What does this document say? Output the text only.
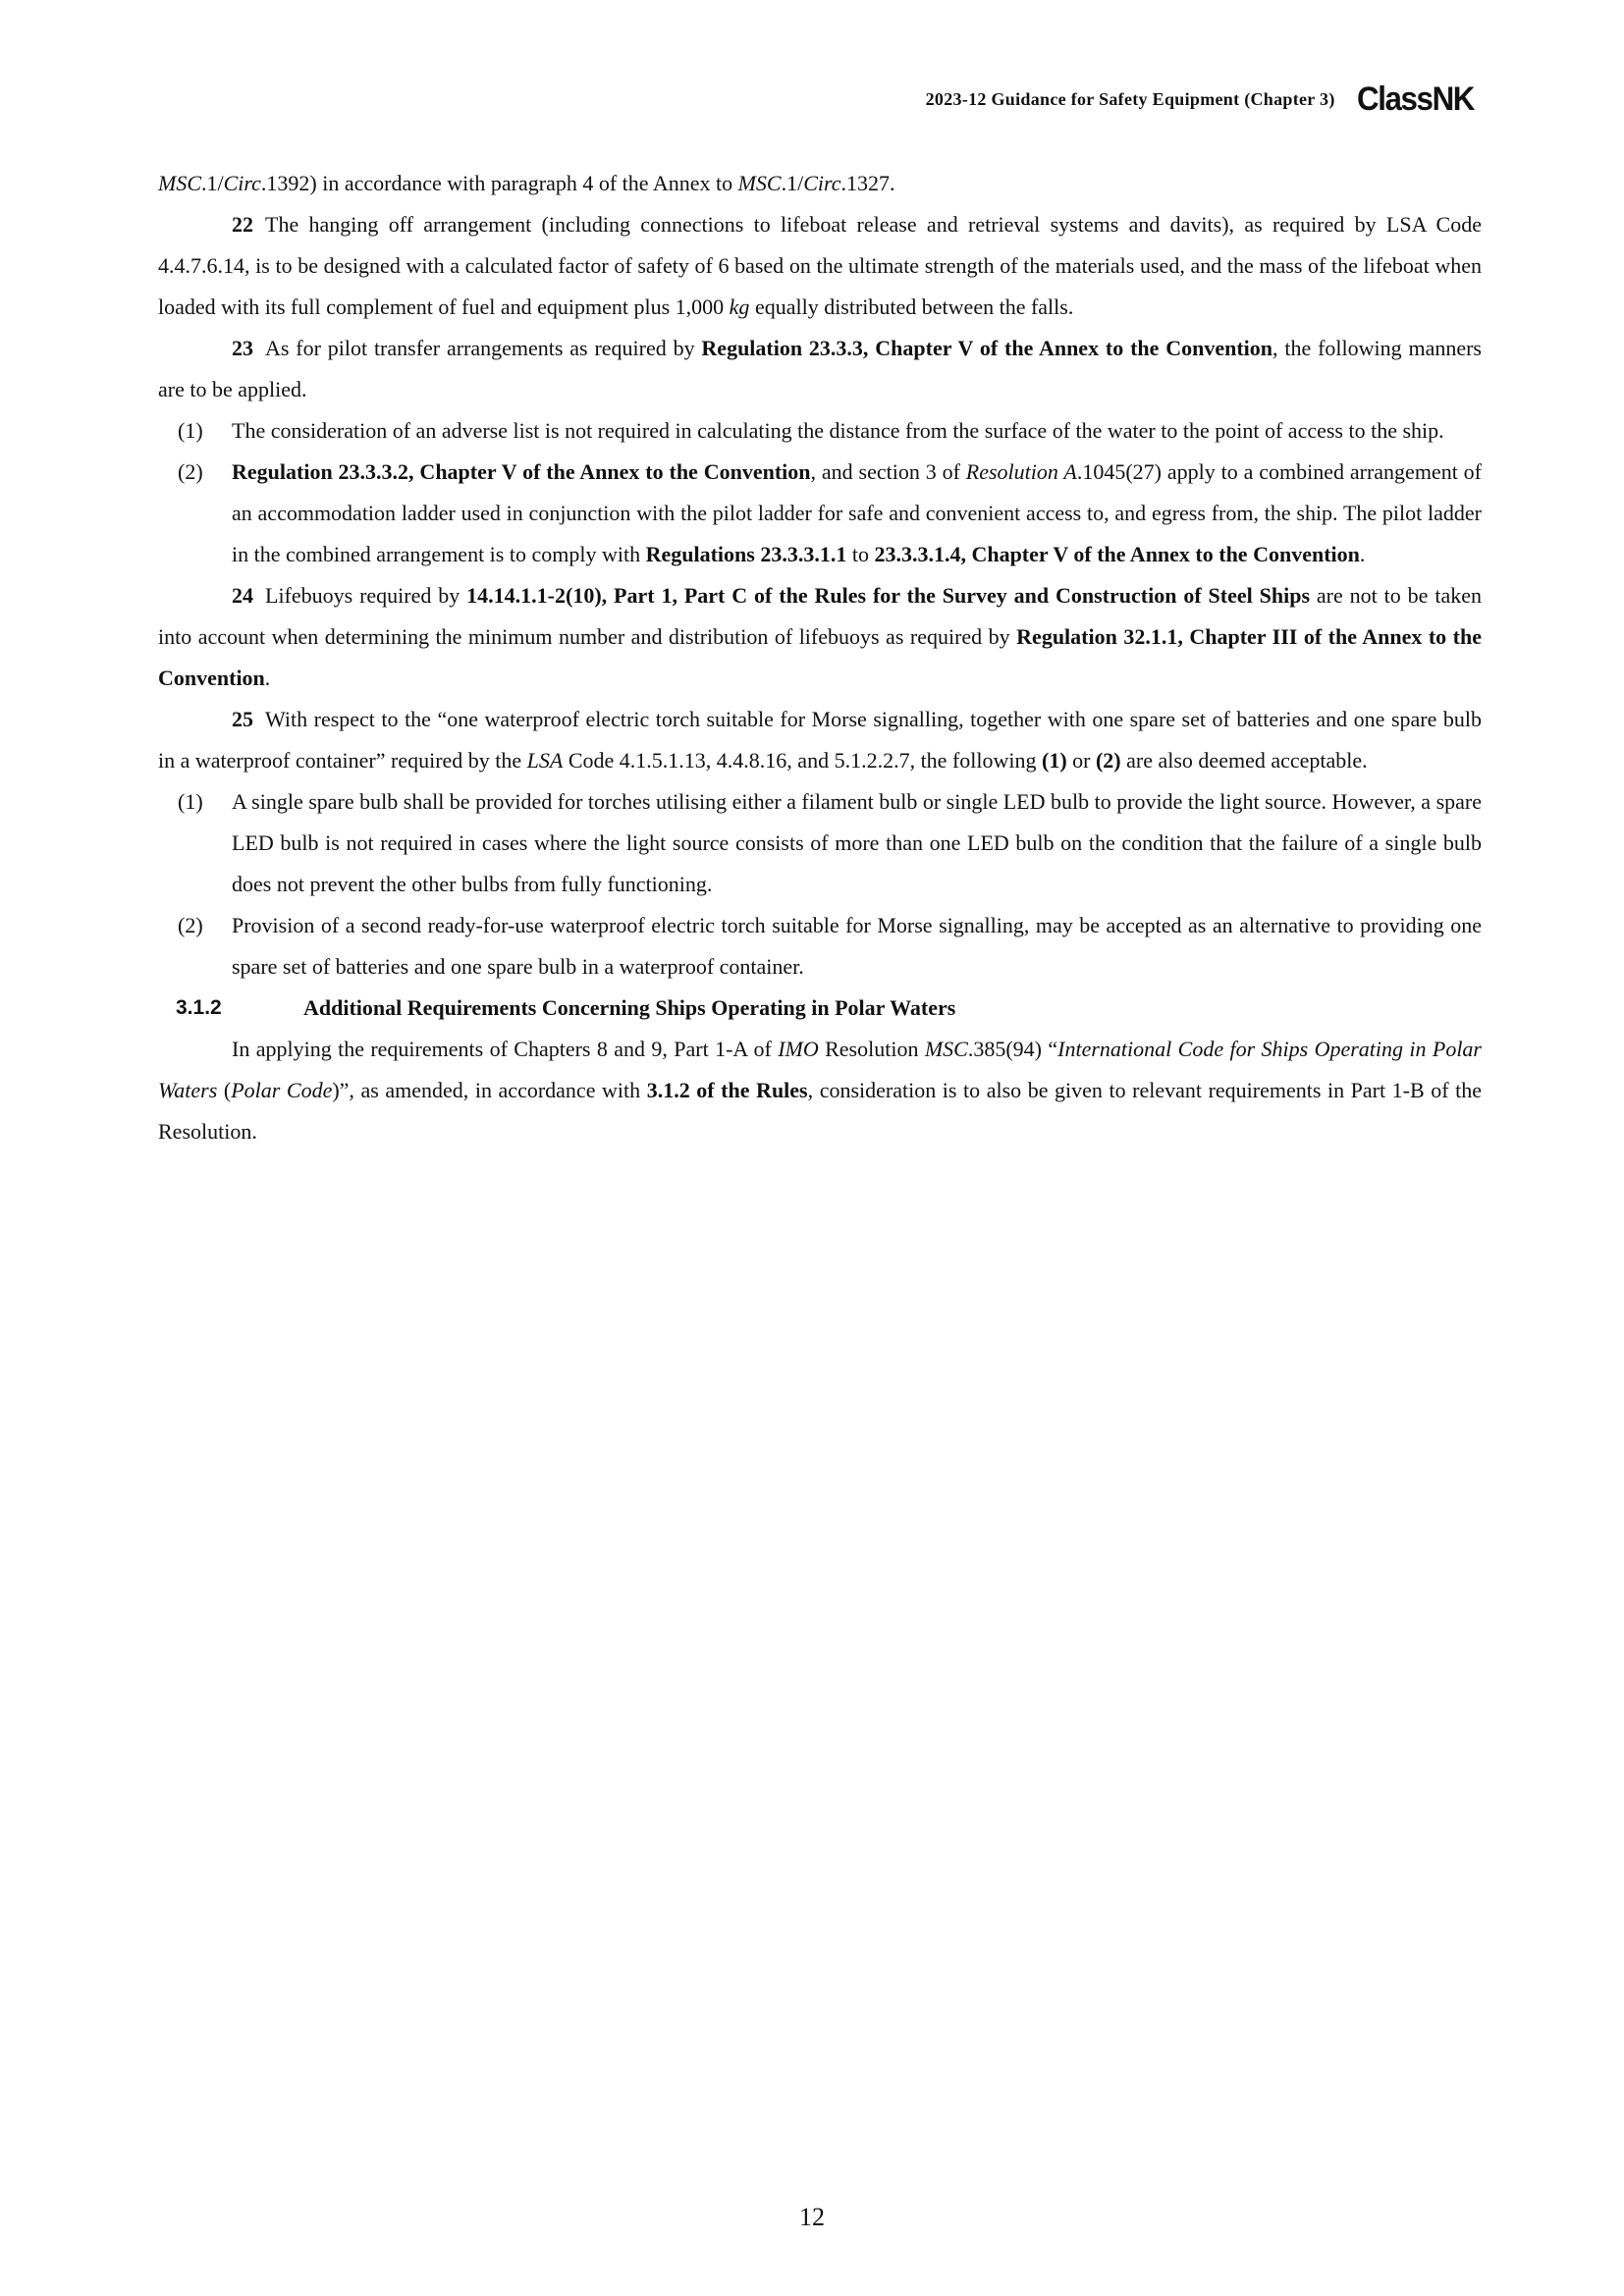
2023-12 Guidance for Safety Equipment (Chapter 3) ClassNK

MSC.1/Circ.1392) in accordance with paragraph 4 of the Annex to MSC.1/Circ.1327.

22 The hanging off arrangement (including connections to lifeboat release and retrieval systems and davits), as required by LSA Code 4.4.7.6.14, is to be designed with a calculated factor of safety of 6 based on the ultimate strength of the materials used, and the mass of the lifeboat when loaded with its full complement of fuel and equipment plus 1,000 kg equally distributed between the falls.

23 As for pilot transfer arrangements as required by Regulation 23.3.3, Chapter V of the Annex to the Convention, the following manners are to be applied.

(1)	The consideration of an adverse list is not required in calculating the distance from the surface of the water to the point of access to the ship.
(2)	Regulation 23.3.3.2, Chapter V of the Annex to the Convention, and section 3 of Resolution A.1045(27) apply to a combined arrangement of an accommodation ladder used in conjunction with the pilot ladder for safe and convenient access to, and egress from, the ship. The pilot ladder in the combined arrangement is to comply with Regulations 23.3.3.1.1 to 23.3.3.1.4, Chapter V of the Annex to the Convention.

24 Lifebuoys required by 14.14.1.1-2(10), Part 1, Part C of the Rules for the Survey and Construction of Steel Ships are not to be taken into account when determining the minimum number and distribution of lifebuoys as required by Regulation 32.1.1, Chapter III of the Annex to the Convention.

25 With respect to the “one waterproof electric torch suitable for Morse signalling, together with one spare set of batteries and one spare bulb in a waterproof container” required by the LSA Code 4.1.5.1.13, 4.4.8.16, and 5.1.2.2.7, the following (1) or (2) are also deemed acceptable.

(1)	A single spare bulb shall be provided for torches utilising either a filament bulb or single LED bulb to provide the light source. However, a spare LED bulb is not required in cases where the light source consists of more than one LED bulb on the condition that the failure of a single bulb does not prevent the other bulbs from fully functioning.
(2)	Provision of a second ready-for-use waterproof electric torch suitable for Morse signalling, may be accepted as an alternative to providing one spare set of batteries and one spare bulb in a waterproof container.
3.1.2	Additional Requirements Concerning Ships Operating in Polar Waters

In applying the requirements of Chapters 8 and 9, Part 1-A of IMO Resolution MSC.385(94) “International Code for Ships Operating in Polar Waters (Polar Code)”, as amended, in accordance with 3.1.2 of the Rules, consideration is to also be given to relevant requirements in Part 1-B of the Resolution.

12
